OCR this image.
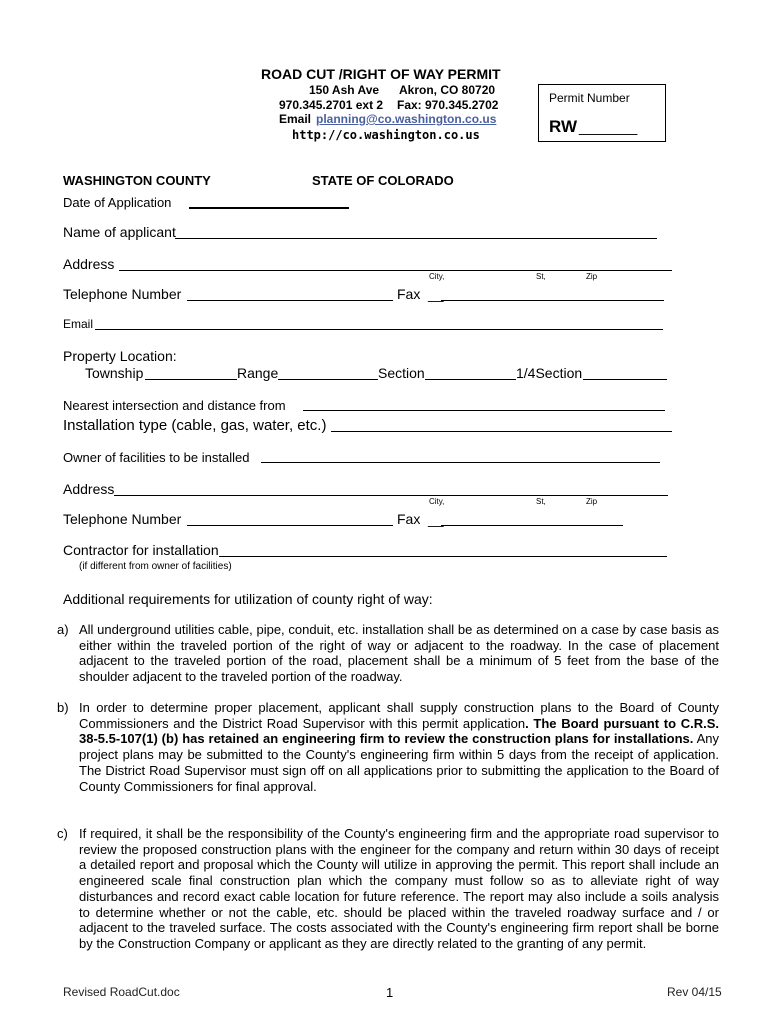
ROAD CUT /RIGHT OF WAY PERMIT
150 Ash Ave Akron, CO 80720
970.345.2701 ext 2 Fax: 970.345.2702
Email planning@co.washington.co.us
http://co.washington.co.us
Permit Number
RW _______
WASHINGTON COUNTY	STATE OF COLORADO
Date of Application
Name of applicant
Address
City,	St,	Zip
Telephone Number	Fax __
Email
Property Location:
Township	Range	Section	1/4Section
Nearest intersection and distance from
Installation type (cable, gas, water, etc.)
Owner of facilities to be installed
Address
City,	St,	Zip
Telephone Number	Fax __
Contractor for installation
(if different from owner of facilities)
Additional requirements for utilization of county right of way:
a) All underground utilities cable, pipe, conduit, etc. installation shall be as determined on a case by case basis as either within the traveled portion of the right of way or adjacent to the roadway. In the case of placement adjacent to the traveled portion of the road, placement shall be a minimum of 5 feet from the base of the shoulder adjacent to the traveled portion of the roadway.
b) In order to determine proper placement, applicant shall supply construction plans to the Board of County Commissioners and the District Road Supervisor with this permit application. The Board pursuant to C.R.S. 38-5.5-107(1) (b) has retained an engineering firm to review the construction plans for installations. Any project plans may be submitted to the County's engineering firm within 5 days from the receipt of application. The District Road Supervisor must sign off on all applications prior to submitting the application to the Board of County Commissioners for final approval.
c) If required, it shall be the responsibility of the County's engineering firm and the appropriate road supervisor to review the proposed construction plans with the engineer for the company and return within 30 days of receipt a detailed report and proposal which the County will utilize in approving the permit. This report shall include an engineered scale final construction plan which the company must follow so as to alleviate right of way disturbances and record exact cable location for future reference. The report may also include a soils analysis to determine whether or not the cable, etc. should be placed within the traveled roadway surface and / or adjacent to the traveled surface. The costs associated with the County's engineering firm report shall be borne by the Construction Company or applicant as they are directly related to the granting of any permit.
Revised RoadCut.doc	1	Rev 04/15
